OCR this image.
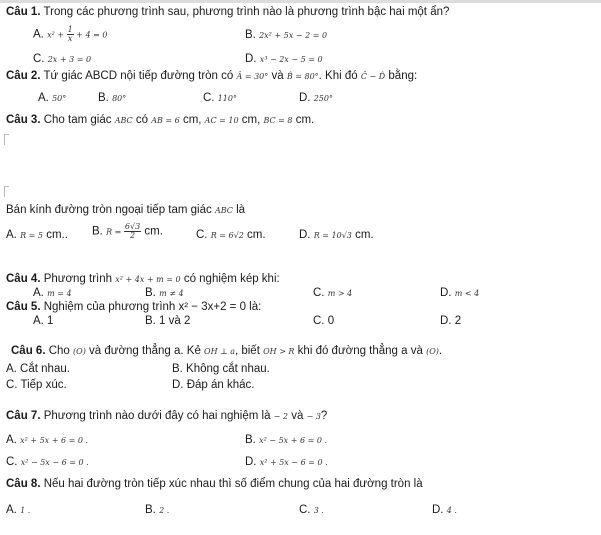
Câu 1. Trong các phương trình sau, phương trình nào là phương trình bậc hai một ẩn?
A. $x^2 + \frac{1}{x} + 4 = 0$	B. 2x² + 5x − 2 = 0
C. 2x + 3 = 0	D. x³ − 2x − 5 = 0
Câu 2. Tứ giác ABCD nội tiếp đường tròn có Â = 30° và B̂ = 80°. Khi đó Ĉ − D̂ bằng:
A. 50°	B. 80°	C. 110°	D. 250°
Câu 3. Cho tam giác ABC có AB = 6 cm, AC = 10 cm, BC = 8 cm.
Bán kính đường tròn ngoại tiếp tam giác ABC là
A. R = 5 cm.. B. $R = \frac{6√3}{2}$ cm.	C. R = 6√2 cm.	D. R = 10√3 cm.
Câu 4. Phương trình x² + 4x + m = 0 có nghiệm kép khi:
A. m = 4	B. m ≠ 4	C. m > 4	D. m < 4
Câu 5. Nghiệm của phương trình x² − 3x+2 = 0 là:
A. 1	B. 1 và 2	C. 0	D. 2
Câu 6. Cho (O) và đường thẳng a. Kẻ OH ⊥ a, biết OH > R khi đó đường thẳng a và (O).
A. Cắt nhau.	B. Không cắt nhau.
C. Tiếp xúc.	D. Đáp án khác.
Câu 7. Phương trình nào dưới đây có hai nghiệm là − 2 và − 3?
A. x² + 5x + 6 = 0 .	B. x² − 5x + 6 = 0 .
C. x² − 5x − 6 = 0 .	D. x² + 5x − 6 = 0 .
Câu 8. Nếu hai đường tròn tiếp xúc nhau thì số điểm chung của hai đường tròn là
A. 1 .	B. 2 .	C. 3 .	D. 4 .
